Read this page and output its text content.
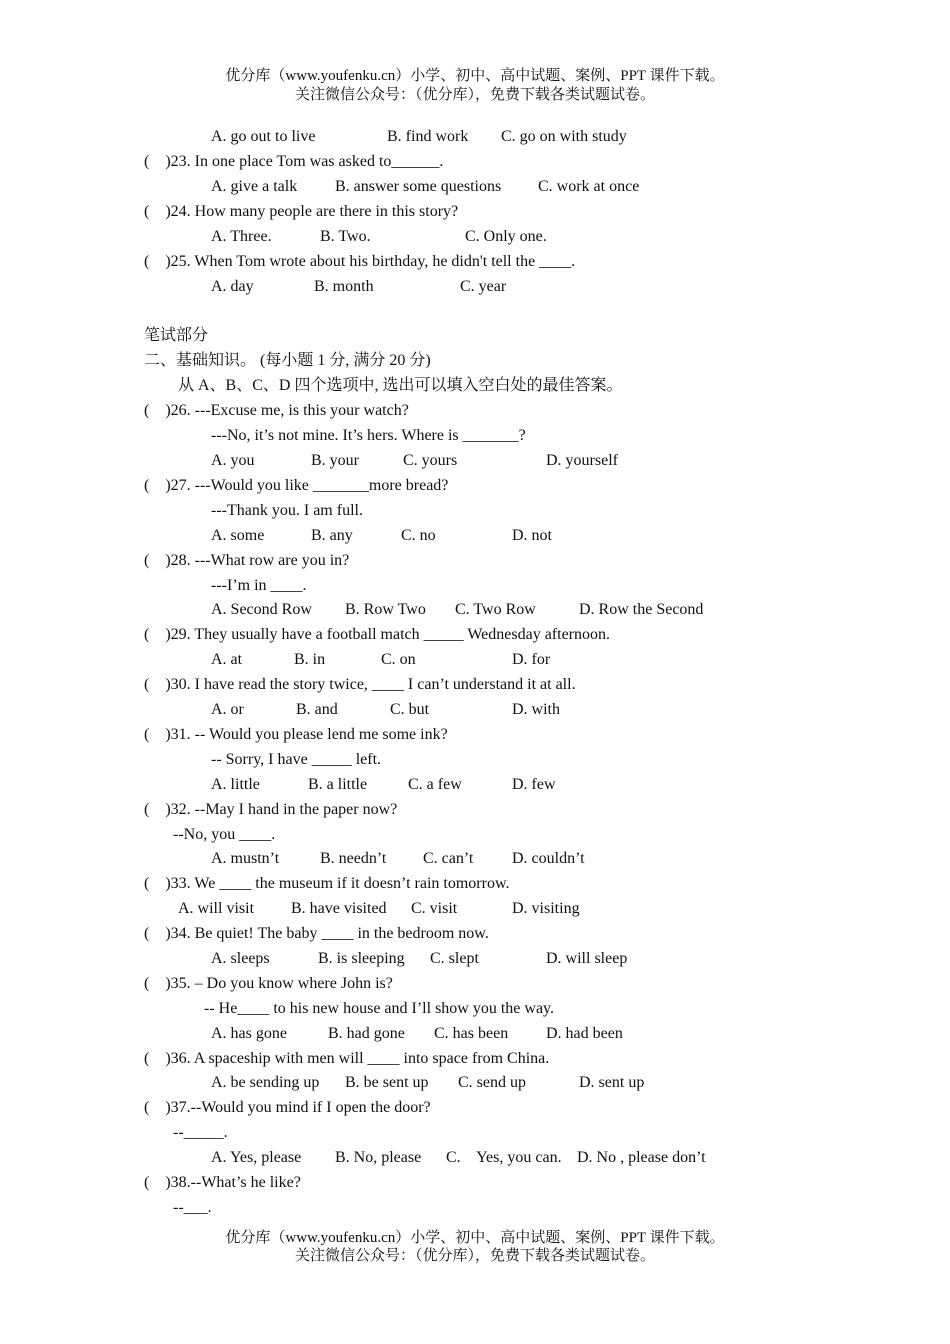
优分库（www.youfenku.cn）小学、初中、高中试题、案例、PPT 课件下载。
关注微信公众号：（优分库），免费下载各类试题试卷。
A. go out to live	B. find work C. go on with study
(    )23. In one place Tom was asked to______.
A. give a talk B. answer some questions C. work at once
(    )24. How many people are there in this story?
A. Three.	B. Two.	C. Only one.
(    )25. When Tom wrote about his birthday, he didn't tell the ____.
A. day	B. month	C. year
笔试部分
二、基础知识。 (每小题 1 分, 满分 20 分)
从 A、B、C、D 四个选项中, 选出可以填入空白处的最佳答案。
(    )26. ---Excuse me, is this your watch?
---No, it’s not mine. It’s hers. Where is _______?
A. you	B. your	C. yours	D. yourself
(    )27. ---Would you like _______more bread?
---Thank you. I am full.
A. some	B. any	C. no	D. not
(    )28. ---What row are you in?
---I’m in ____.
A. Second Row B. Row Two C. Two Row	D. Row the Second
(    )29. They usually have a football match _____ Wednesday afternoon.
A. at	B. in	C. on	D. for
(    )30. I have read the story twice, ____ I can’t understand it at all.
A. or	B. and	C. but	D. with
(    )31. -- Would you please lend me some ink?
-- Sorry, I have _____ left.
A. little	B. a little	C. a few	D. few
(    )32. --May I hand in the paper now?
--No, you ____.
A. mustn’t	B. needn’t C. can’t D. couldn’t
(    )33. We ____ the museum if it doesn’t rain tomorrow.
A. will visit B. have visited C. visit	D. visiting
(    )34. Be quiet! The baby ____ in the bedroom now.
A. sleeps	B. is sleeping C. slept	D. will sleep
(    )35. – Do you know where John is?
-- He____ to his new house and I’ll show you the way.
A. has gone	B. had gone C. has been D. had been
(    )36. A spaceship with men will ____ into space from China.
A. be sending up B. be sent up C. send up	D. sent up
(    )37.--Would you mind if I open the door?
--_____.
A. Yes, please B. No, please C.    Yes, you can. D. No , please don’t
(    )38.--What’s he like?
--___.
优分库（www.youfenku.cn）小学、初中、高中试题、案例、PPT 课件下载。
关注微信公众号：（优分库），免费下载各类试题试卷。
